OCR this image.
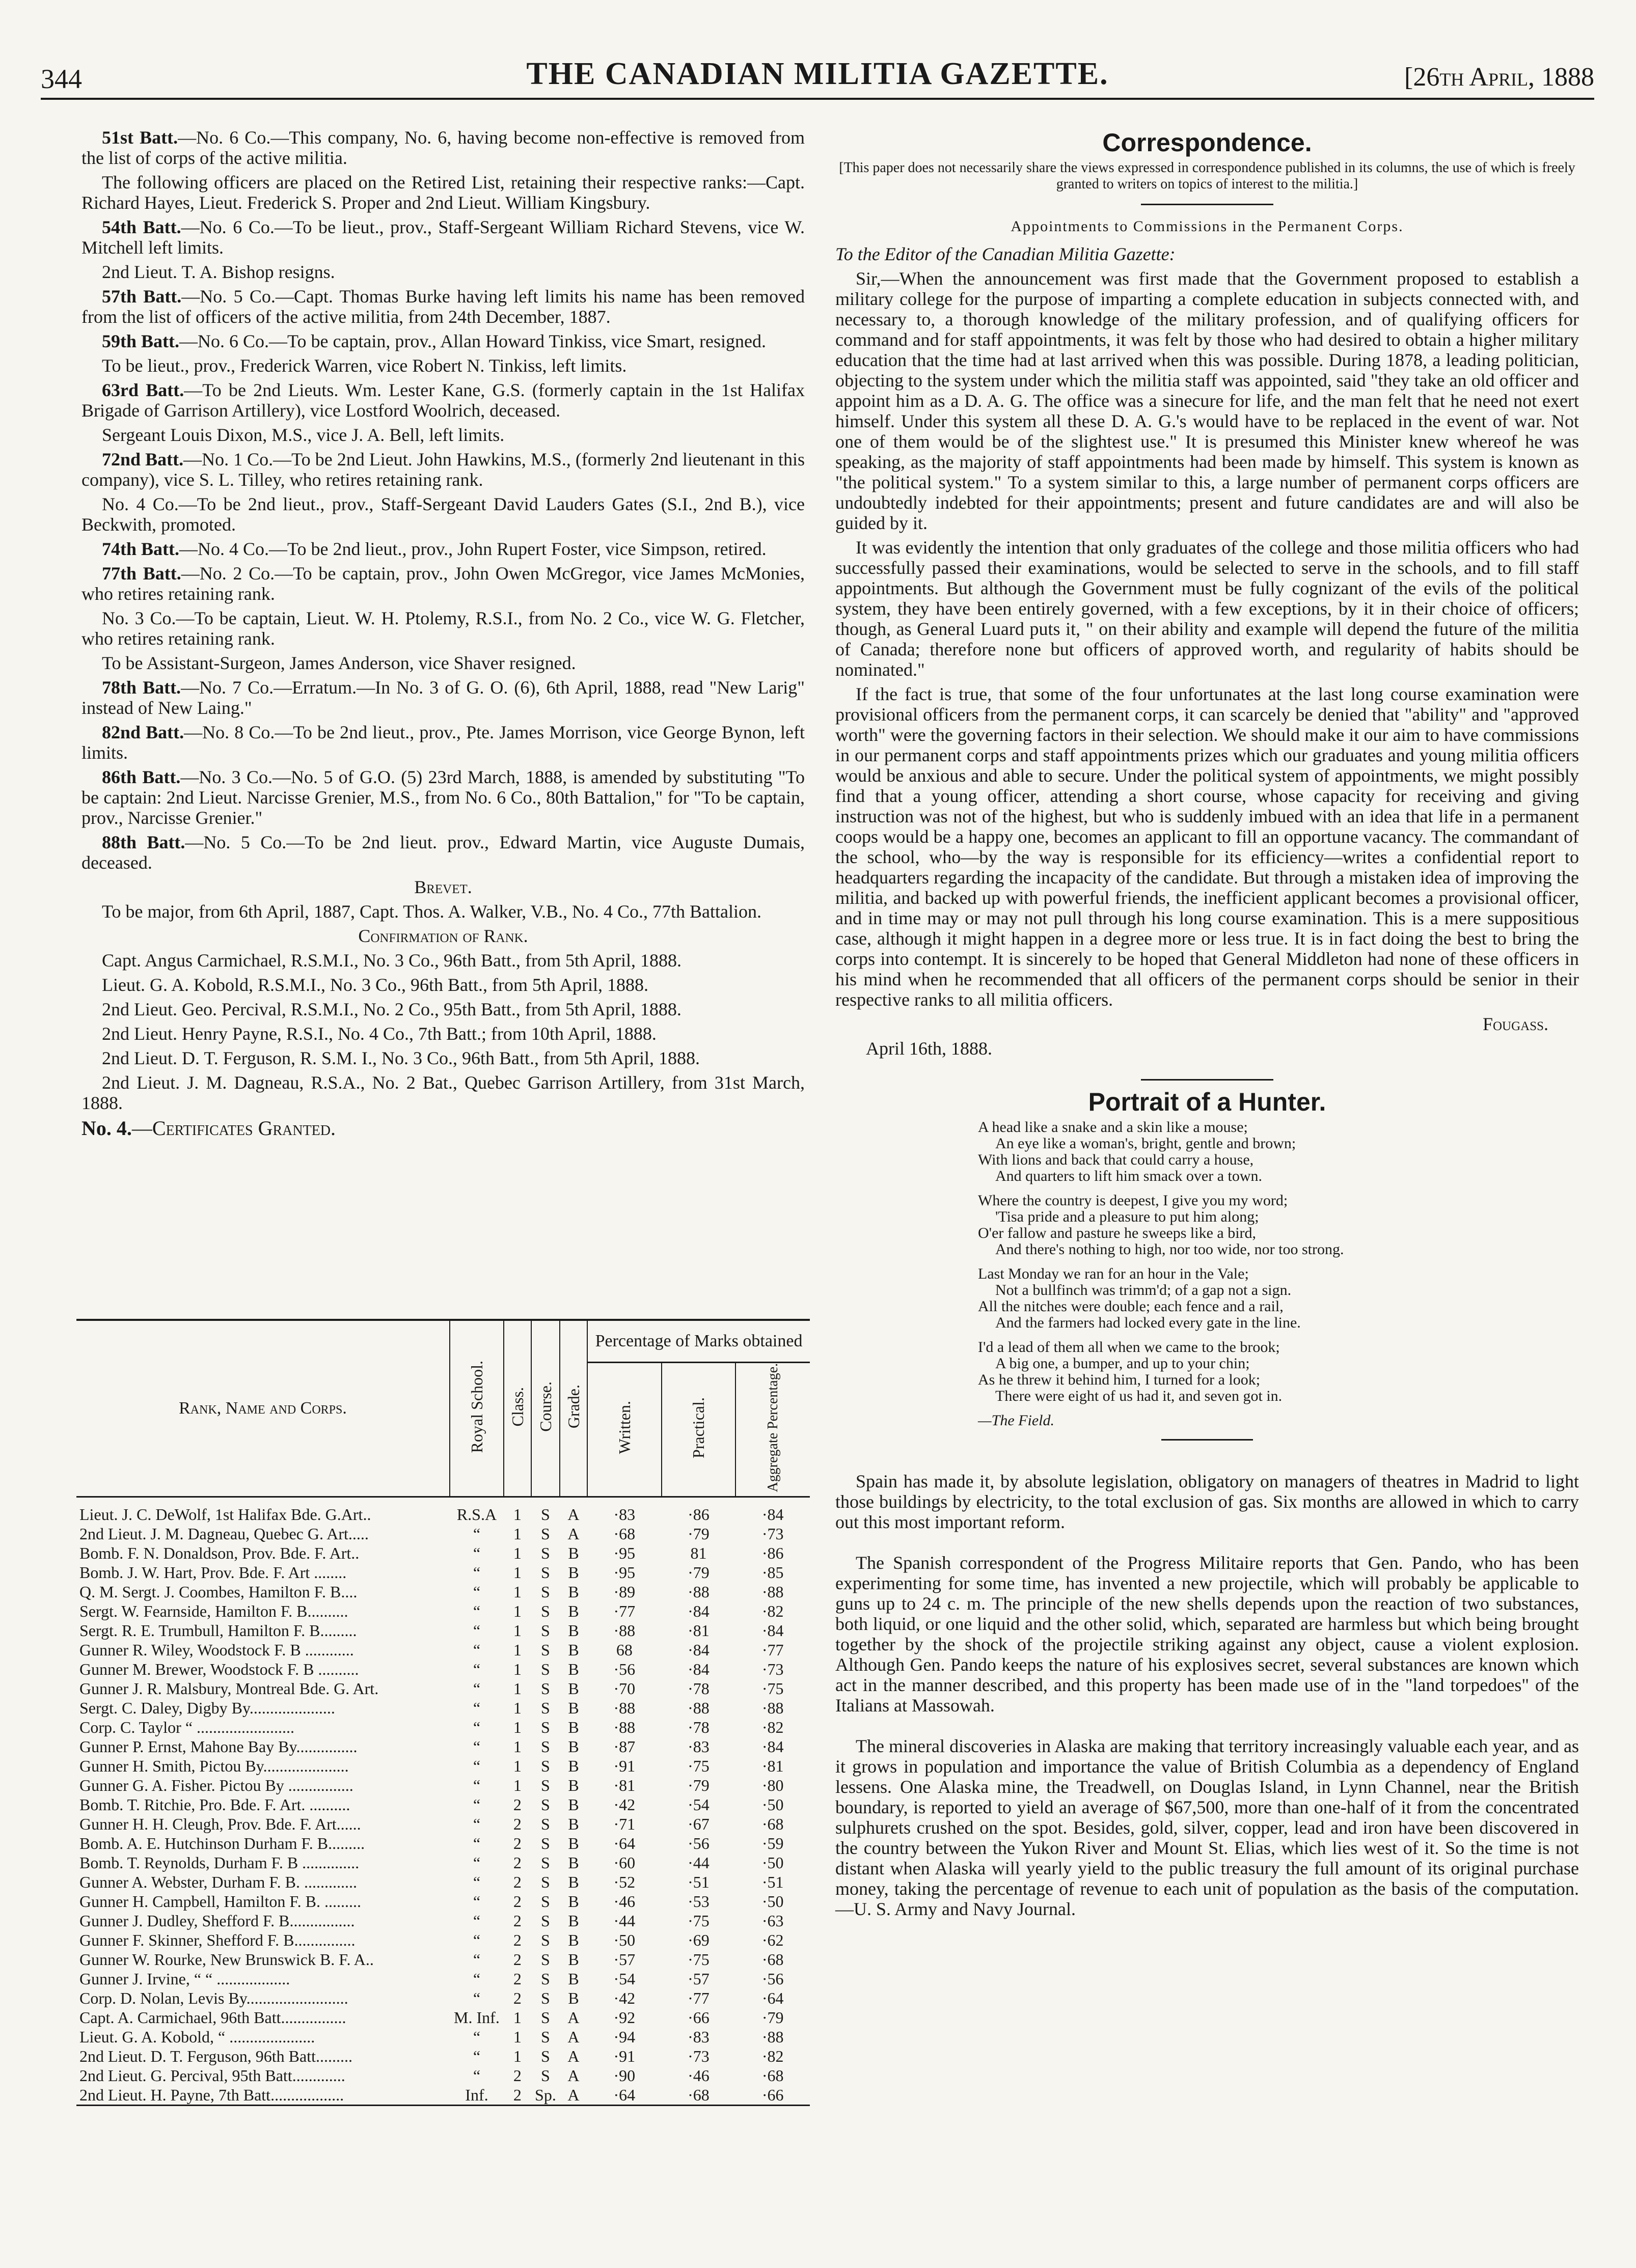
344	THE CANADIAN MILITIA GAZETTE.	[26th April, 1888

51st Batt.—No. 6 Co.—This company, No. 6, having become non-effective is removed from the list of corps of the active militia.

The following officers are placed on the Retired List, retaining their respective ranks:—Capt. Richard Hayes, Lieut. Frederick S. Proper and 2nd Lieut. William Kingsbury.

54th Batt.—No. 6 Co.—To be lieut., prov., Staff-Sergeant William Richard Stevens, vice W. Mitchell left limits.

2nd Lieut. T. A. Bishop resigns.

57th Batt.—No. 5 Co.—Capt. Thomas Burke having left limits his name has been removed from the list of officers of the active militia, from 24th December, 1887.

59th Batt.—No. 6 Co.—To be captain, prov., Allan Howard Tinkiss, vice Smart, resigned.

To be lieut., prov., Frederick Warren, vice Robert N. Tinkiss, left limits.

63rd Batt.—To be 2nd Lieuts. Wm. Lester Kane, G.S. (formerly captain in the 1st Halifax Brigade of Garrison Artillery), vice Lostford Woolrich, deceased.

Sergeant Louis Dixon, M.S., vice J. A. Bell, left limits.

72nd Batt.—No. 1 Co.—To be 2nd Lieut. John Hawkins, M.S., (formerly 2nd lieutenant in this company), vice S. L. Tilley, who retires retaining rank.

No. 4 Co.—To be 2nd lieut., prov., Staff-Sergeant David Lauders Gates (S.I., 2nd B.), vice Beckwith, promoted.

74th Batt.—No. 4 Co.—To be 2nd lieut., prov., John Rupert Foster, vice Simpson, retired.

77th Batt.—No. 2 Co.—To be captain, prov., John Owen McGregor, vice James McMonies, who retires retaining rank.

No. 3 Co.—To be captain, Lieut. W. H. Ptolemy, R.S.I., from No. 2 Co., vice W. G. Fletcher, who retires retaining rank.

To be Assistant-Surgeon, James Anderson, vice Shaver resigned.

78th Batt.—No. 7 Co.—Erratum.—In No. 3 of G. O. (6), 6th April, 1888, read "New Larig" instead of New Laing."

82nd Batt.—No. 8 Co.—To be 2nd lieut., prov., Pte. James Morrison, vice George Bynon, left limits.

86th Batt.—No. 3 Co.—No. 5 of G.O. (5) 23rd March, 1888, is amended by substituting "To be captain: 2nd Lieut. Narcisse Grenier, M.S., from No. 6 Co., 80th Battalion," for "To be captain, prov., Narcisse Grenier."

88th Batt.—No. 5 Co.—To be 2nd lieut. prov., Edward Martin, vice Auguste Dumais, deceased.

Brevet.

To be major, from 6th April, 1887, Capt. Thos. A. Walker, V.B., No. 4 Co., 77th Battalion.

Confirmation of Rank.

Capt. Angus Carmichael, R.S.M.I., No. 3 Co., 96th Batt., from 5th April, 1888.

Lieut. G. A. Kobold, R.S.M.I., No. 3 Co., 96th Batt., from 5th April, 1888.

2nd Lieut. Geo. Percival, R.S.M.I., No. 2 Co., 95th Batt., from 5th April, 1888.

2nd Lieut. Henry Payne, R.S.I., No. 4 Co., 7th Batt.; from 10th April, 1888.

2nd Lieut. D. T. Ferguson, R. S.M. I., No. 3 Co., 96th Batt., from 5th April, 1888.

2nd Lieut. J. M. Dagneau, R.S.A., No. 2 Bat., Quebec Garrison Artillery, from 31st March, 1888.

No. 4.—Certificates Granted.

Rank, Name and Corps.	Royal School.	Class.	Course.	Grade.	Percentage of Marks obtained		
					Written.	Practical.	Aggregate Percentage.
Lieut. J. C. DeWolf, 1st Halifax Bde. G.Art..	R.S.A	1	S	A	·83	·86	·84
2nd Lieut. J. M. Dagneau, Quebec G. Art.....	“	1	S	A	·68	·79	·73
Bomb. F. N. Donaldson, Prov. Bde. F. Art..	“	1	S	B	·95	81	·86
Bomb. J. W. Hart, Prov. Bde. F. Art ........	“	1	S	B	·95	·79	·85
Q. M. Sergt. J. Coombes, Hamilton F. B....	“	1	S	B	·89	·88	·88
Sergt. W. Fearnside, Hamilton F. B..........	“	1	S	B	·77	·84	·82
Sergt. R. E. Trumbull, Hamilton F. B.........	“	1	S	B	·88	·81	·84
Gunner R. Wiley, Woodstock F. B ............	“	1	S	B	68	·84	·77
Gunner M. Brewer, Woodstock F. B ..........	“	1	S	B	·56	·84	·73
Gunner J. R. Malsbury, Montreal Bde. G. Art.	“	1	S	B	·70	·78	·75
Sergt. C. Daley, Digby By.....................	“	1	S	B	·88	·88	·88
Corp. C. Taylor “ ........................	“	1	S	B	·88	·78	·82
Gunner P. Ernst, Mahone Bay By...............	“	1	S	B	·87	·83	·84
Gunner H. Smith, Pictou By.....................	“	1	S	B	·91	·75	·81
Gunner G. A. Fisher. Pictou By ................	“	1	S	B	·81	·79	·80
Bomb. T. Ritchie, Pro. Bde. F. Art. ..........	“	2	S	B	·42	·54	·50
Gunner H. H. Cleugh, Prov. Bde. F. Art......	“	2	S	B	·71	·67	·68
Bomb. A. E. Hutchinson Durham F. B.........	“	2	S	B	·64	·56	·59
Bomb. T. Reynolds, Durham F. B ..............	“	2	S	B	·60	·44	·50
Gunner A. Webster, Durham F. B. .............	“	2	S	B	·52	·51	·51
Gunner H. Campbell, Hamilton F. B. .........	“	2	S	B	·46	·53	·50
Gunner J. Dudley, Shefford F. B................	“	2	S	B	·44	·75	·63
Gunner F. Skinner, Shefford F. B...............	“	2	S	B	·50	·69	·62
Gunner W. Rourke, New Brunswick B. F. A..	“	2	S	B	·57	·75	·68
Gunner J. Irvine, “ “ ..................	“	2	S	B	·54	·57	·56
Corp. D. Nolan, Levis By.........................	“	2	S	B	·42	·77	·64
Capt. A. Carmichael, 96th Batt................	M. Inf.	1	S	A	·92	·66	·79
Lieut. G. A. Kobold, “ .....................	“	1	S	A	·94	·83	·88
2nd Lieut. D. T. Ferguson, 96th Batt.........	“	1	S	A	·91	·73	·82
2nd Lieut. G. Percival, 95th Batt.............	“	2	S	A	·90	·46	·68
2nd Lieut. H. Payne, 7th Batt..................	Inf.	2	Sp.	A	·64	·68	·66

Correspondence.
[This paper does not necessarily share the views expressed in correspondence published in its columns, the use of which is freely granted to writers on topics of interest to the militia.]
Appointments to Commissions in the Permanent Corps.

To the Editor of the Canadian Militia Gazette:

Sir,—When the announcement was first made that the Government proposed to establish a military college for the purpose of imparting a complete education in subjects connected with, and necessary to, a thorough knowledge of the military profession, and of qualifying officers for command and for staff appointments, it was felt by those who had desired to obtain a higher military education that the time had at last arrived when this was possible. During 1878, a leading politician, objecting to the system under which the militia staff was appointed, said "they take an old officer and appoint him as a D. A. G. The office was a sinecure for life, and the man felt that he need not exert himself. Under this system all these D. A. G.'s would have to be replaced in the event of war. Not one of them would be of the slightest use." It is presumed this Minister knew whereof he was speaking, as the majority of staff appointments had been made by himself. This system is known as "the political system." To a system similar to this, a large number of permanent corps officers are undoubtedly indebted for their appointments; present and future candidates are and will also be guided by it.

It was evidently the intention that only graduates of the college and those militia officers who had successfully passed their examinations, would be selected to serve in the schools, and to fill staff appointments. But although the Government must be fully cognizant of the evils of the political system, they have been entirely governed, with a few exceptions, by it in their choice of officers; though, as General Luard puts it, " on their ability and example will depend the future of the militia of Canada; therefore none but officers of approved worth, and regularity of habits should be nominated."

If the fact is true, that some of the four unfortunates at the last long course examination were provisional officers from the permanent corps, it can scarcely be denied that "ability" and "approved worth" were the governing factors in their selection. We should make it our aim to have commissions in our permanent corps and staff appointments prizes which our graduates and young militia officers would be anxious and able to secure. Under the political system of appointments, we might possibly find that a young officer, attending a short course, whose capacity for receiving and giving instruction was not of the highest, but who is suddenly imbued with an idea that life in a permanent coops would be a happy one, becomes an applicant to fill an opportune vacancy. The commandant of the school, who—by the way is responsible for its efficiency—writes a confidential report to headquarters regarding the incapacity of the candidate. But through a mistaken idea of improving the militia, and backed up with powerful friends, the inefficient applicant becomes a provisional officer, and in time may or may not pull through his long course examination. This is a mere suppositious case, although it might happen in a degree more or less true. It is in fact doing the best to bring the corps into contempt. It is sincerely to be hoped that General Middleton had none of these officers in his mind when he recommended that all officers of the permanent corps should be senior in their respective ranks to all militia officers.

Fougass.

April 16th, 1888.

Portrait of a Hunter.
A head like a snake and a skin like a mouse;
An eye like a woman's, bright, gentle and brown;
With lions and back that could carry a house,
And quarters to lift him smack over a town.
Where the country is deepest, I give you my word;
'Tisa pride and a pleasure to put him along;
O'er fallow and pasture he sweeps like a bird,
And there's nothing to high, nor too wide, nor too strong.
Last Monday we ran for an hour in the Vale;
Not a bullfinch was trimm'd; of a gap not a sign.
All the nitches were double; each fence and a rail,
And the farmers had locked every gate in the line.
I'd a lead of them all when we came to the brook;
A big one, a bumper, and up to your chin;
As he threw it behind him, I turned for a look;
There were eight of us had it, and seven got in.
—The Field.

Spain has made it, by absolute legislation, obligatory on managers of theatres in Madrid to light those buildings by electricity, to the total exclusion of gas. Six months are allowed in which to carry out this most important reform.

The Spanish correspondent of the Progress Militaire reports that Gen. Pando, who has been experimenting for some time, has invented a new projectile, which will probably be applicable to guns up to 24 c. m. The principle of the new shells depends upon the reaction of two substances, both liquid, or one liquid and the other solid, which, separated are harmless but which being brought together by the shock of the projectile striking against any object, cause a violent explosion. Although Gen. Pando keeps the nature of his explosives secret, several substances are known which act in the manner described, and this property has been made use of in the "land torpedoes" of the Italians at Massowah.

The mineral discoveries in Alaska are making that territory increasingly valuable each year, and as it grows in population and importance the value of British Columbia as a dependency of England lessens. One Alaska mine, the Treadwell, on Douglas Island, in Lynn Channel, near the British boundary, is reported to yield an average of $67,500, more than one-half of it from the concentrated sulphurets crushed on the spot. Besides, gold, silver, copper, lead and iron have been discovered in the country between the Yukon River and Mount St. Elias, which lies west of it. So the time is not distant when Alaska will yearly yield to the public treasury the full amount of its original purchase money, taking the percentage of revenue to each unit of population as the basis of the computation.—U. S. Army and Navy Journal.
